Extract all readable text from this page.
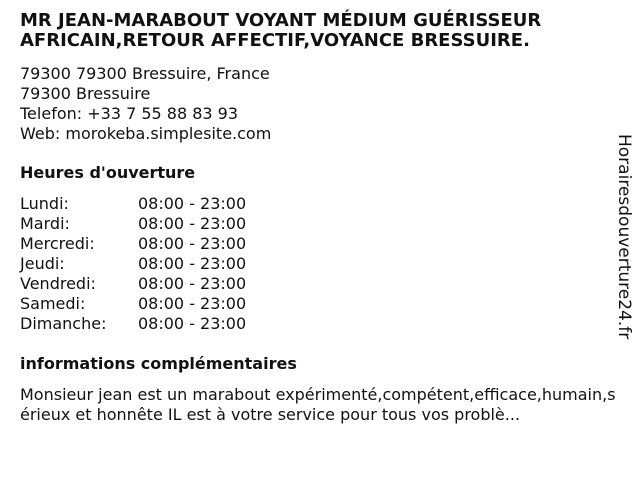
MR JEAN-MARABOUT VOYANT MÉDIUM GUÉRISSEUR
AFRICAIN,RETOUR AFFECTIF,VOYANCE BRESSUIRE.
79300 79300 Bressuire, France
79300 Bressuire
Telefon: +33 7 55 88 83 93
Web: morokeba.simplesite.com
Heures d'ouverture
Lundi:	08:00 - 23:00
Mardi:	08:00 - 23:00
Mercredi:	08:00 - 23:00
Jeudi:	08:00 - 23:00
Vendredi:	08:00 - 23:00
Samedi:	08:00 - 23:00
Dimanche: 08:00 - 23:00
informations complémentaires

Monsieur jean est un marabout expérimenté,compétent,efficace,humain,sérieux et honnête IL est à votre service pour tous vos problè...

Horairesdouverture24.fr
